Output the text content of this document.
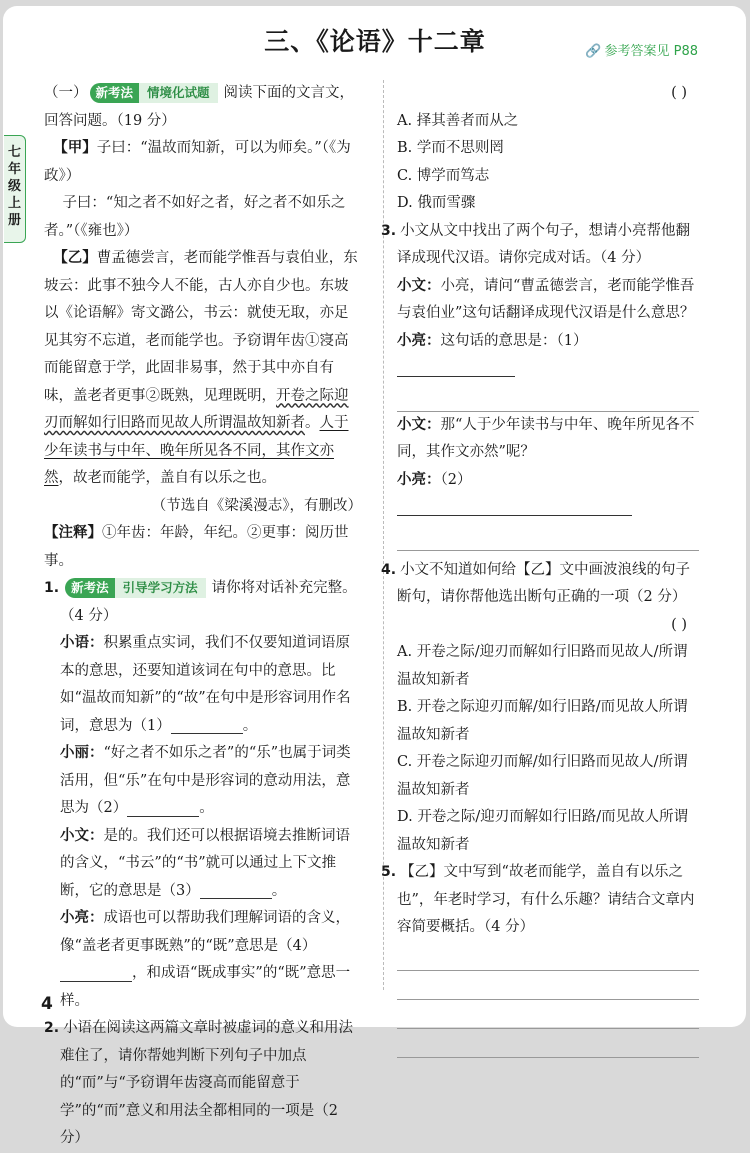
三、《论语》十二章	🔗 参考答案见 P88
七年级上册

（一） 新考法	情境化试题 阅读下面的文言文，回答问题。（19 分）

【甲】子曰：“温故而知新，可以为师矣。”（《为政》）

子曰：“知之者不如好之者，好之者不如乐之者。”（《雍也》）

【乙】曹孟德尝言，老而能学惟吾与袁伯业，东坡云：此事不独今人不能，古人亦自少也。东坡以《论语解》寄文潞公，书云：就使无取，亦足见其穷不忘道，老而能学也。予窃谓年齿①寖高而能留意于学，此固非易事，然于其中亦自有味，盖老者更事②既熟，见理既明，开卷之际迎刃而解如行旧路而见故人所谓温故知新者。人于少年读书与中年、晚年所见各不同，其作文亦然，故老而能学，盖自有以乐之也。

（节选自《梁溪漫志》，有删改）

【注释】①年齿：年龄，年纪。②更事：阅历世事。

1. 新考法	引导学习方法 请你将对话补充完整。（4 分）

小语：积累重点实词，我们不仅要知道词语原本的意思，还要知道该词在句中的意思。比如“温故而知新”的“故”在句中是形容词用作名词，意思为（1）	。

小丽：“好之者不如乐之者”的“乐”也属于词类活用，但“乐”在句中是形容词的意动用法，意思为（2）	。

小文：是的。我们还可以根据语境去推断词语的含义，“书云”的“书”就可以通过上下文推断，它的意思是（3）	。

小亮：成语也可以帮助我们理解词语的含义，像“盖老者更事既熟”的“既”意思是（4），和成语“既成事实”的“既”意思一样。

2. 小语在阅读这两篇文章时被虚词的意义和用法难住了，请你帮她判断下列句子中加点的“而”与“予窃谓年齿寖高而能留意于学”的“而”意义和用法全都相同的一项是（2 分）

( )

A. 择其善者而从之

B. 学而不思则罔

C. 博学而笃志

D. 俄而雪骤

3. 小文从文中找出了两个句子，想请小亮帮他翻译成现代汉语。请你完成对话。（4 分）

小文：小亮，请问“曹孟德尝言，老而能学惟吾与袁伯业”这句话翻译成现代汉语是什么意思？

小亮：这句话的意思是：（1）

小文：那“人于少年读书与中年、晚年所见各不同，其作文亦然”呢？

小亮：（2）

4. 小文不知道如何给【乙】文中画波浪线的句子断句，请你帮他选出断句正确的一项（2 分）

( )

A. 开卷之际/迎刃而解如行旧路而见故人/所谓温故知新者

B. 开卷之际迎刃而解/如行旧路/而见故人所谓温故知新者

C. 开卷之际迎刃而解/如行旧路而见故人/所谓温故知新者

D. 开卷之际/迎刃而解如行旧路/而见故人所谓温故知新者

5. 【乙】文中写到“故老而能学，盖自有以乐之也”，年老时学习，有什么乐趣？请结合文章内容简要概括。（4 分）

4
